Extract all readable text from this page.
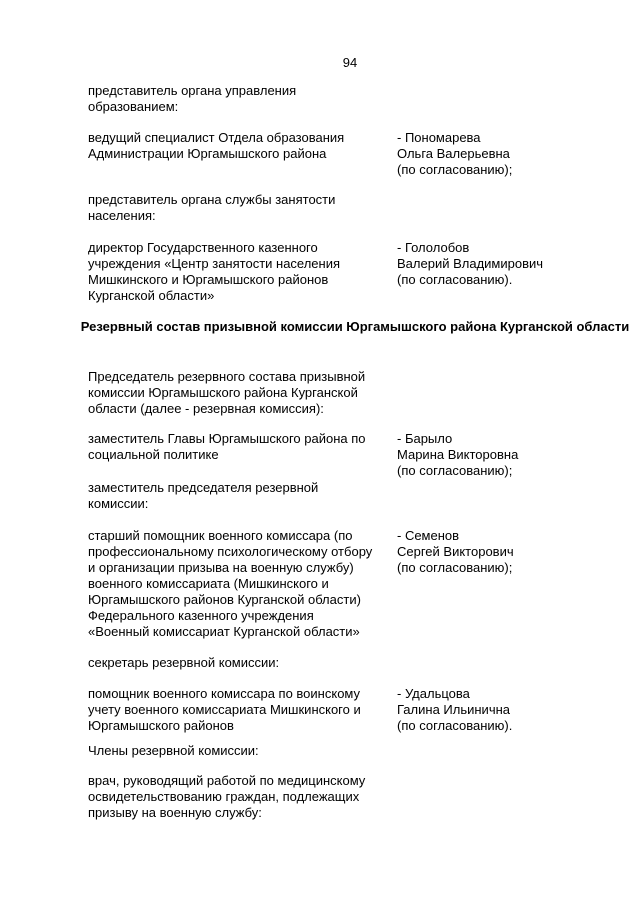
94
представитель органа управления
образованием:
ведущий специалист Отдела образования
Администрации Юргамышского района
- Пономарева
Ольга Валерьевна
(по согласованию);
представитель органа службы занятости
населения:
директор Государственного казенного
учреждения «Центр занятости населения
Мишкинского и Юргамышского районов
Курганской области»
- Гололобов
Валерий Владимирович
(по согласованию).
Резервный состав призывной комиссии Юргамышского района Курганской области
Председатель резервного состава призывной
комиссии Юргамышского района Курганской
области (далее - резервная комиссия):
заместитель Главы Юргамышского района по
социальной политике
- Барыло
Марина Викторовна
(по согласованию);
заместитель председателя резервной
комиссии:
старший помощник военного комиссара (по
профессиональному психологическому отбору
и организации призыва на военную службу)
военного комиссариата (Мишкинского и
Юргамышского районов Курганской области)
Федерального казенного учреждения
«Военный комиссариат Курганской области»
- Семенов
Сергей Викторович
(по согласованию);
секретарь резервной комиссии:
помощник военного комиссара по воинскому
учету военного комиссариата Мишкинского и
Юргамышского районов
- Удальцова
Галина Ильинична
(по согласованию).
Члены резервной комиссии:
врач, руководящий работой по медицинскому
освидетельствованию граждан, подлежащих
призыву на военную службу:
